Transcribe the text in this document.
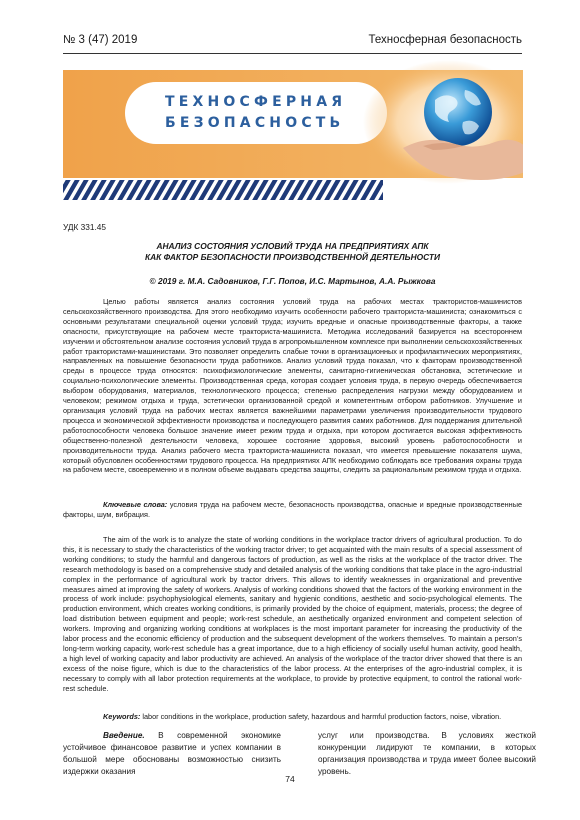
№ 3 (47) 2019	Техносферная безопасность
ТЕХНОСФЕРНАЯ
БЕЗОПАСНОСТЬ
УДК 331.45
АНАЛИЗ СОСТОЯНИЯ УСЛОВИЙ ТРУДА НА ПРЕДПРИЯТИЯХ АПК
КАК ФАКТОР БЕЗОПАСНОСТИ ПРОИЗВОДСТВЕННОЙ ДЕЯТЕЛЬНОСТИ
© 2019 г. М.А. Садовников, Г.Г. Попов, И.С. Мартынов, А.А. Рыжкова

Целью работы является анализ состояния условий труда на рабочих местах трактористов-машинистов сельскохозяйственного производства. Для этого необходимо изучить особенности рабочего тракториста-машиниста; ознакомиться с основными результатами специальной оценки условий труда; изучить вредные и опасные производственные факторы, а также опасности, присутствующие на рабочем месте тракториста-машиниста. Методика исследований базируется на всестороннем изучении и обстоятельном анализе состояния условий труда в агропромышленном комплексе при выполнении сельскохозяйственных работ трактористами-машинистами. Это позволяет определить слабые точки в организационных и профилактических мероприятиях, направленных на повышение безопасности труда работников. Анализ условий труда показал, что к факторам производственной среды в процессе труда относятся: психофизиологические элементы, санитарно-гигиеническая обстановка, эстетические и социально-психологические элементы. Производственная среда, которая создает условия труда, в первую очередь обеспечивается выбором оборудования, материалов, технологического процесса; степенью распределения нагрузки между оборудованием и человеком; режимом отдыха и труда, эстетически организованной средой и компетентным отбором работников. Улучшение и организация условий труда на рабочих местах является важнейшими параметрами увеличения производительности трудового процесса и экономической эффективности производства и последующего развития самих работников. Для поддержания длительной работоспособности человека большое значение имеет режим труда и отдыха, при котором достигается высокая эффективность общественно-полезной деятельности человека, хорошее состояние здоровья, высокий уровень работоспособности и производительности труда. Анализ рабочего места тракториста-машиниста показал, что имеется превышение показателя шума, который обусловлен особенностями трудового процесса. На предприятиях АПК необходимо соблюдать все требования охраны труда на рабочем месте, своевременно и в полном объеме выдавать средства защиты, следить за рациональным режимом труда и отдыха.

Ключевые слова: условия труда на рабочем месте, безопасность производства, опасные и вредные производственные факторы, шум, вибрация.

The aim of the work is to analyze the state of working conditions in the workplace tractor drivers of agricultural production. To do this, it is necessary to study the characteristics of the working tractor driver; to get acquainted with the main results of a special assessment of working conditions; to study the harmful and dangerous factors of production, as well as the risks at the workplace of the tractor driver. The research methodology is based on a comprehensive study and detailed analysis of the working conditions that take place in the agro-industrial complex in the performance of agricultural work by tractor drivers. This allows to identify weaknesses in organizational and preventive measures aimed at improving the safety of workers. Analysis of working conditions showed that the factors of the working environment in the process of work include: psychophysiological elements, sanitary and hygienic conditions, aesthetic and socio-psychological elements. The production environment, which creates working conditions, is primarily provided by the choice of equipment, materials, process; the degree of load distribution between equipment and people; work-rest schedule, an aesthetically organized environment and competent selection of workers. Improving and organizing working conditions at workplaces is the most important parameter for increasing the productivity of the labor process and the economic efficiency of production and the subsequent development of the workers themselves. To maintain a person’s long-term working capacity, work-rest schedule has a great importance, due to a high efficiency of socially useful human activity, good health, a high level of working capacity and labor productivity are achieved. An analysis of the workplace of the tractor driver showed that there is an excess of the noise figure, which is due to the characteristics of the labor process. At the enterprises of the agro-industrial complex, it is necessary to comply with all labor protection requirements at the workplace, to provide by protective equipment, to control the rational work-rest schedule.

Keywords: labor conditions in the workplace, production safety, hazardous and harmful production factors, noise, vibration.

Введение. В современной экономике устойчивое финансовое развитие и успех компании в большой мере обоснованы возможностью снизить издержки оказания

услуг или производства. В условиях жесткой конкуренции лидируют те компании, в которых организация производства и труда имеет более высокий уровень.

74
